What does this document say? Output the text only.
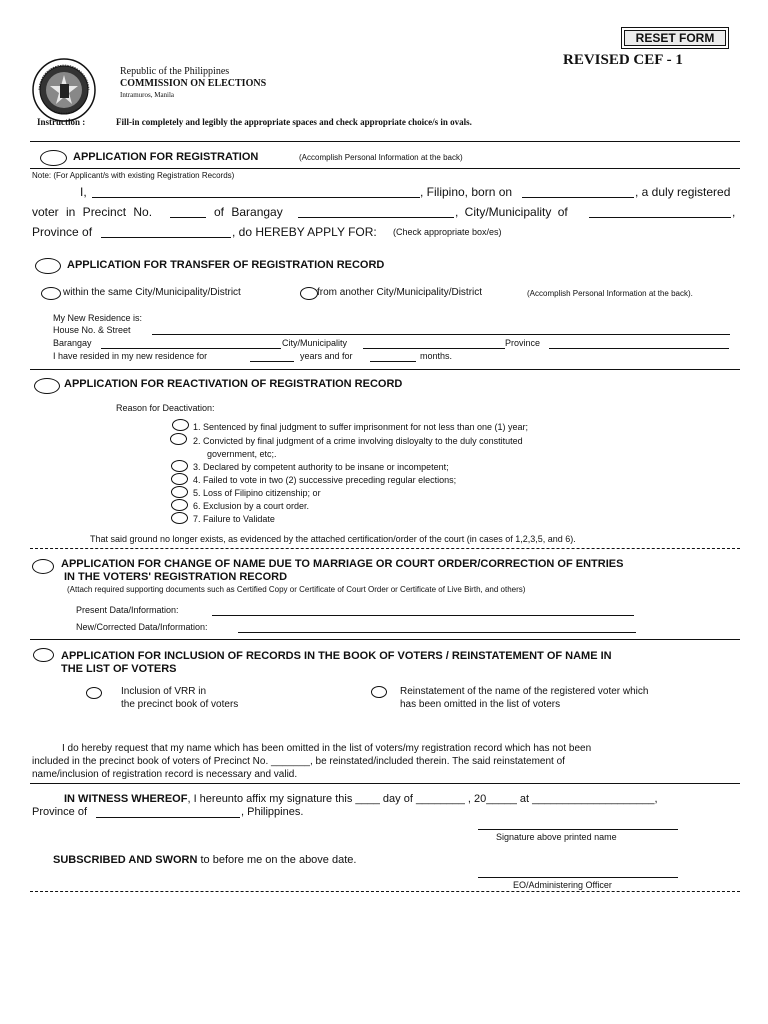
RESET FORM
REVISED CEF - 1
Republic of the Philippines
COMMISSION ON ELECTIONS
Intramuros, Manila
Instruction :	Fill-in completely and legibly the appropriate spaces and check appropriate choice/s in ovals.
APPLICATION FOR REGISTRATION	(Accomplish Personal Information at the back)
Note: (For Applicant/s with existing Registration Records)
I,	, Filipino, born on	, a duly registered
voter in Precinct No.	of Barangay	, City/Municipality of	,
Province of	, do HEREBY APPLY FOR: (Check appropriate box/es)
APPLICATION FOR TRANSFER OF REGISTRATION RECORD
within the same City/Municipality/District	from another City/Municipality/District	(Accomplish Personal Information at the back).
My New Residence is:
House No. & Street
Barangay	City/Municipality	Province
I have resided in my new residence for	years and for	months.
APPLICATION FOR REACTIVATION OF REGISTRATION RECORD
Reason for Deactivation:
1. Sentenced by final judgment to suffer imprisonment for not less than one (1) year;
2. Convicted by final judgment of a crime involving disloyalty to the duly constituted
government, etc;.
3. Declared by competent authority to be insane or incompetent;
4. Failed to vote in two (2) successive preceding regular elections;
5. Loss of Filipino citizenship; or
6. Exclusion by a court order.
7. Failure to Validate
That said ground no longer exists, as evidenced by the attached certification/order of the court (in cases of 1,2,3,5, and 6).
APPLICATION FOR CHANGE OF NAME DUE TO MARRIAGE OR COURT ORDER/CORRECTION OF ENTRIES
IN THE VOTERS' REGISTRATION RECORD
(Attach required supporting documents such as Certified Copy or Certificate of Court Order or Certificate of Live Birth, and others)
Present Data/Information:
New/Corrected Data/Information:
APPLICATION FOR INCLUSION OF RECORDS IN THE BOOK OF VOTERS / REINSTATEMENT OF NAME IN
THE LIST OF VOTERS
Inclusion of VRR in
the precinct book of voters
Reinstatement of the name of the registered voter which
has been omitted in the list of voters
I do hereby request that my name which has been omitted in the list of voters/my registration record which has not been
included in the precinct book of voters of Precinct No. _______, be reinstated/included therein. The said reinstatement of
name/inclusion of registration record is necessary and valid.
IN WITNESS WHEREOF, I hereunto affix my signature this ____ day of ________ , 20_____ at ____________________,
Province of	, Philippines.
Signature above printed name
SUBSCRIBED AND SWORN to before me on the above date.
EO/Administering Officer
